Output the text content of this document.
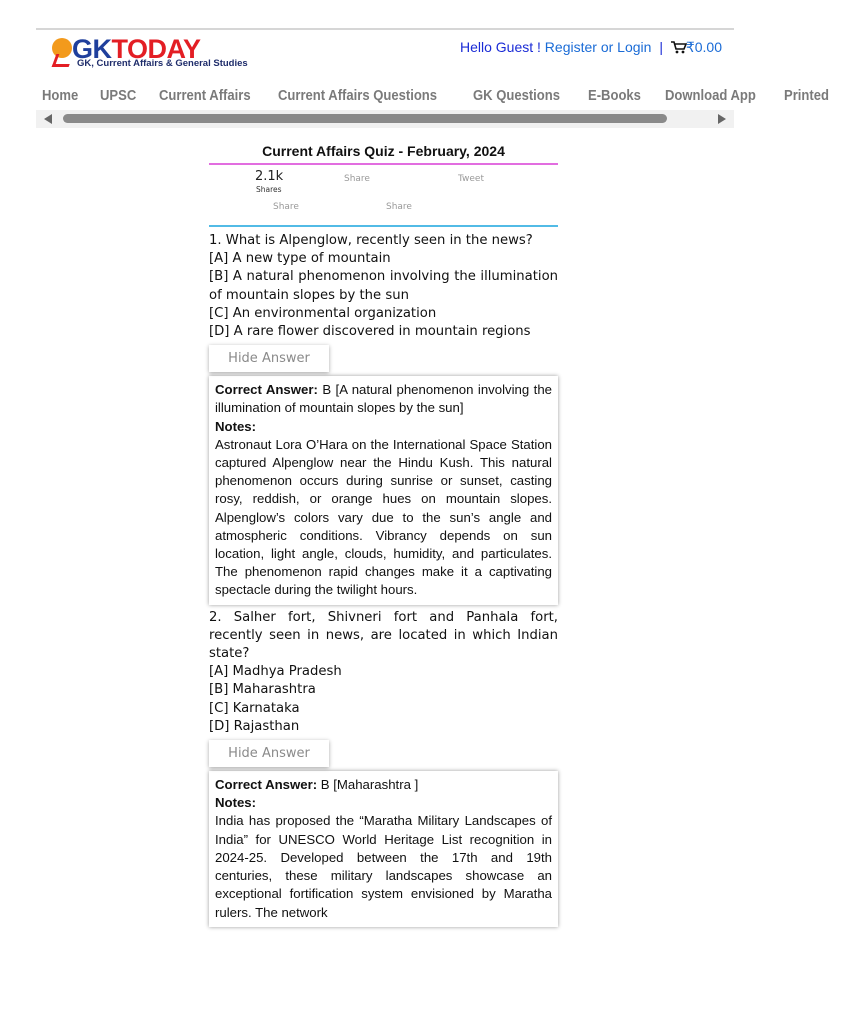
GKTODAY
GK, Current Affairs & General Studies
Hello Guest ! Register or Login | ₹0.00
Home UPSC Current Affairs Current Affairs Questions GK Questions E-Books Download App Printed
Current Affairs Quiz - February, 2024
2.1k
Shares
Share	Tweet
Share	Share

1. What is Alpenglow, recently seen in the news?

[A] A new type of mountain

[B] A natural phenomenon involving the illumination of mountain slopes by the sun

[C] An environmental organization

[D] A rare flower discovered in mountain regions

Hide Answer
Correct Answer: B [A natural phenomenon involving the illumination of mountain slopes by the sun]
Notes:
Astronaut Lora O’Hara on the International Space Station captured Alpenglow near the Hindu Kush. This natural phenomenon occurs during sunrise or sunset, casting rosy, reddish, or orange hues on mountain slopes. Alpenglow’s colors vary due to the sun’s angle and atmospheric conditions. Vibrancy depends on sun location, light angle, clouds, humidity, and particulates. The phenomenon rapid changes make it a captivating spectacle during the twilight hours.

2. Salher fort, Shivneri fort and Panhala fort, recently seen in news, are located in which Indian state?

[A] Madhya Pradesh

[B] Maharashtra

[C] Karnataka

[D] Rajasthan

Hide Answer
Correct Answer: B [Maharashtra ]
Notes:
India has proposed the “Maratha Military Landscapes of India” for UNESCO World Heritage List recognition in 2024-25. Developed between the 17th and 19th centuries, these military landscapes showcase an exceptional fortification system envisioned by Maratha rulers. The network
